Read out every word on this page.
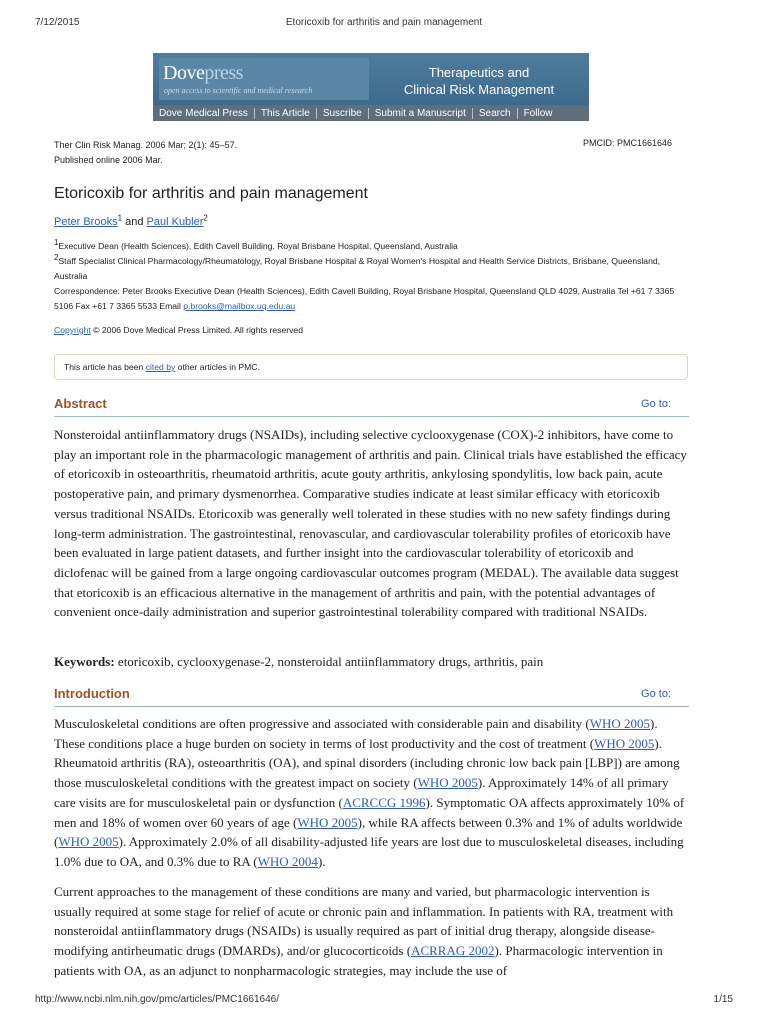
7/12/2015	Etoricoxib for arthritis and pain management
Dovepress
open access to scientific and medical research
Therapeutics and
Clinical Risk Management
Dove Medical Press	This Article	Suscribe	Submit a Manuscript	Search	Follow
Ther Clin Risk Manag. 2006 Mar; 2(1): 45–57.
Published online 2006 Mar.
PMCID: PMC1661646
Etoricoxib for arthritis and pain management
Peter Brooks$^1$ and Paul Kubler$^2$
$^1$Executive Dean (Health Sciences), Edith Cavell Building, Royal Brisbane Hospital, Queensland, Australia
$^2$Staff Specialist Clinical Pharmacology/Rheumatology, Royal Brisbane Hospital & Royal Women's Hospital and Health Service Districts, Brisbane, Queensland, Australia
Correspondence: Peter Brooks Executive Dean (Health Sciences), Edith Cavell Building, Royal Brisbane Hospital, Queensland QLD 4029, Australia Tel +61 7 3365 5106 Fax +61 7 3365 5533 Email p.brooks@mailbox.uq.edu.au
Copyright © 2006 Dove Medical Press Limited. All rights reserved
This article has been cited by other articles in PMC.
Abstract	Go to:

Nonsteroidal antiinflammatory drugs (NSAIDs), including selective cyclooxygenase (COX)-2 inhibitors, have come to play an important role in the pharmacologic management of arthritis and pain. Clinical trials have established the efficacy of etoricoxib in osteoarthritis, rheumatoid arthritis, acute gouty arthritis, ankylosing spondylitis, low back pain, acute postoperative pain, and primary dysmenorrhea. Comparative studies indicate at least similar efficacy with etoricoxib versus traditional NSAIDs. Etoricoxib was generally well tolerated in these studies with no new safety findings during long-term administration. The gastrointestinal, renovascular, and cardiovascular tolerability profiles of etoricoxib have been evaluated in large patient datasets, and further insight into the cardiovascular tolerability of etoricoxib and diclofenac will be gained from a large ongoing cardiovascular outcomes program (MEDAL). The available data suggest that etoricoxib is an efficacious alternative in the management of arthritis and pain, with the potential advantages of convenient once-daily administration and superior gastrointestinal tolerability compared with traditional NSAIDs.

Keywords: etoricoxib, cyclooxygenase-2, nonsteroidal antiinflammatory drugs, arthritis, pain

Introduction	Go to:

Musculoskeletal conditions are often progressive and associated with considerable pain and disability (WHO 2005). These conditions place a huge burden on society in terms of lost productivity and the cost of treatment (WHO 2005). Rheumatoid arthritis (RA), osteoarthritis (OA), and spinal disorders (including chronic low back pain [LBP]) are among those musculoskeletal conditions with the greatest impact on society (WHO 2005). Approximately 14% of all primary care visits are for musculoskeletal pain or dysfunction (ACRCCG 1996). Symptomatic OA affects approximately 10% of men and 18% of women over 60 years of age (WHO 2005), while RA affects between 0.3% and 1% of adults worldwide (WHO 2005). Approximately 2.0% of all disability-adjusted life years are lost due to musculoskeletal diseases, including 1.0% due to OA, and 0.3% due to RA (WHO 2004).

Current approaches to the management of these conditions are many and varied, but pharmacologic intervention is usually required at some stage for relief of acute or chronic pain and inflammation. In patients with RA, treatment with nonsteroidal antiinflammatory drugs (NSAIDs) is usually required as part of initial drug therapy, alongside disease-modifying antirheumatic drugs (DMARDs), and/or glucocorticoids (ACRRAG 2002). Pharmacologic intervention in patients with OA, as an adjunct to nonpharmacologic strategies, may include the use of

http://www.ncbi.nlm.nih.gov/pmc/articles/PMC1661646/	1/15
